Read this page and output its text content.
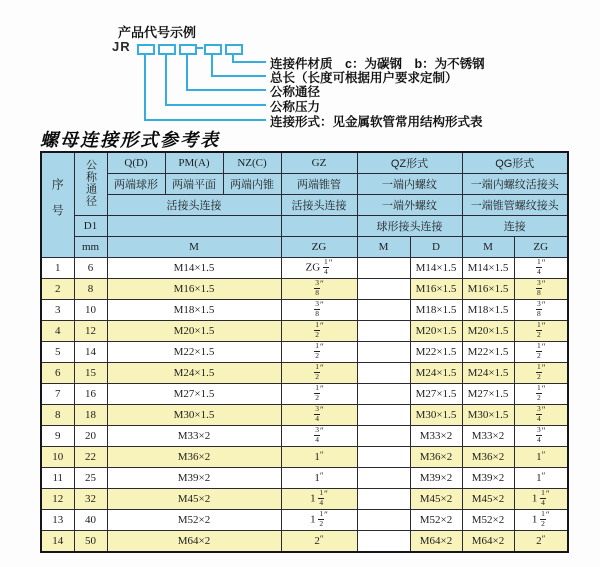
产品代号示例
JR
连接件材质　c：为碳钢　b：为不锈钢
总长（长度可根据用户要求定制）
公称通径
公称压力
连接形式：见金属软管常用结构形式表
螺母连接形式参考表
序号	公称通径	Q(D)	PM(A)	NZ(C)	GZ	QZ形式		QG形式	
		两端球形	两端平面	两端内锥	两端锥管	一端内螺纹		一端内螺纹活接头	
		活接头连接			活接头连接	一端外螺纹		一端锥管螺纹接头	
	D1					球形接头连接		连接	
	mm	M			ZG	M	D	M	ZG
1	6	M14×1.5			ZG $\frac{1}{4} ''$		M14×1.5	M14×1.5	$\frac{1}{4} ''$
2	8	M16×1.5			$\frac{3}{8} ''$		M16×1.5	M16×1.5	$\frac{3}{8} ''$
3	10	M18×1.5			$\frac{3}{8} ''$		M18×1.5	M18×1.5	$\frac{3}{8} ''$
4	12	M20×1.5			$\frac{1}{2} ''$		M20×1.5	M20×1.5	$\frac{1}{2} ''$
5	14	M22×1.5			$\frac{1}{2} ''$		M22×1.5	M22×1.5	$\frac{1}{2} ''$
6	15	M24×1.5			$\frac{1}{2} ''$		M24×1.5	M24×1.5	$\frac{1}{2} ''$
7	16	M27×1.5			$\frac{1}{2} ''$		M27×1.5	M27×1.5	$\frac{1}{2} ''$
8	18	M30×1.5			$\frac{3}{4} ''$		M30×1.5	M30×1.5	$\frac{3}{4} ''$
9	20	M33×2			$\frac{3}{4} ''$		M33×2	M33×2	$\frac{3}{4} ''$
10	22	M36×2			1″		M36×2	M36×2	1″
11	25	M39×2			1″		M39×2	M39×2	1″
12	32	M45×2			$1 \frac{1}{4} ''$		M45×2	M45×2	$1 \frac{1}{4} ''$
13	40	M52×2			$1 \frac{1}{2} ''$		M52×2	M52×2	$1 \frac{1}{2} ''$
14	50	M64×2			2″		M64×2	M64×2	2″
